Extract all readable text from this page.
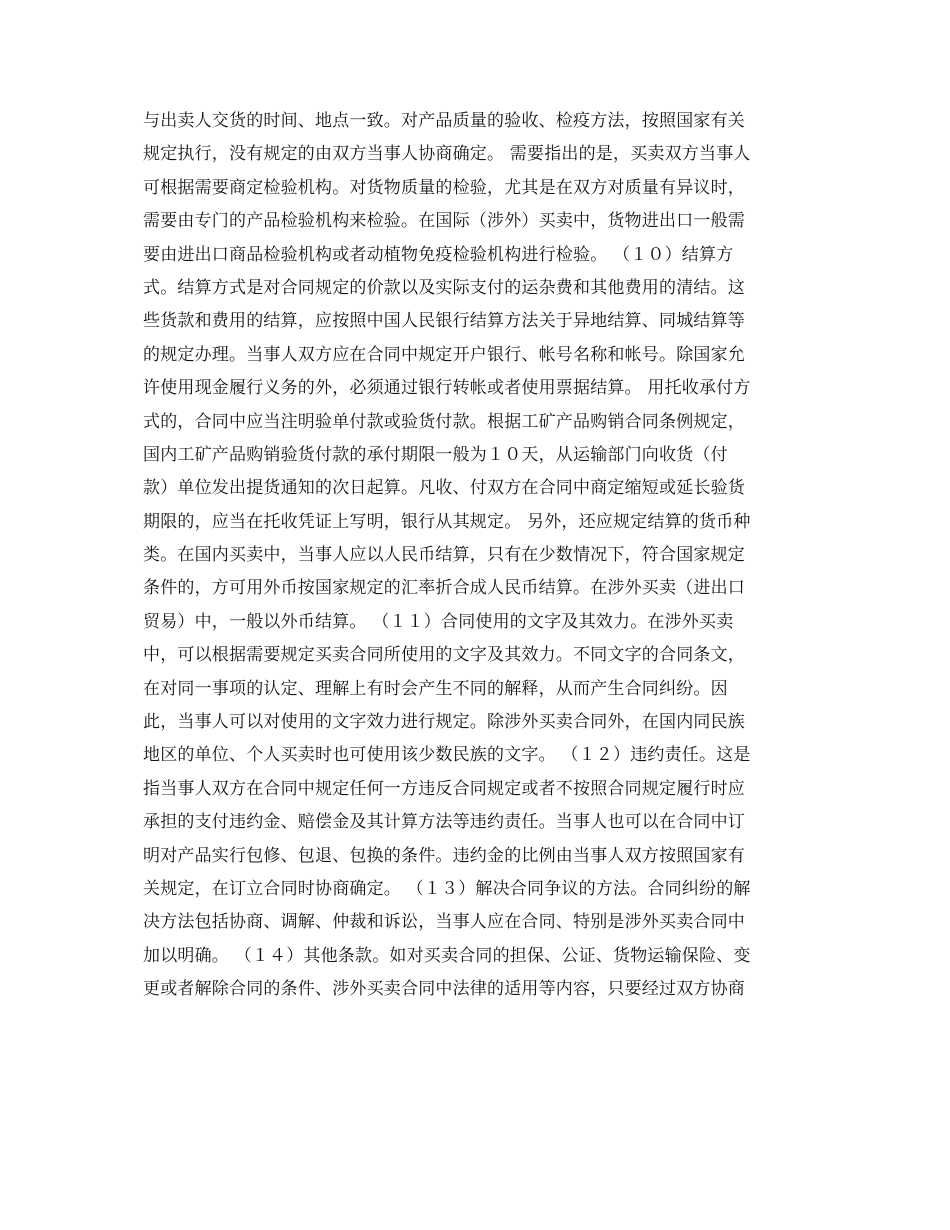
与出卖人交货的时间、地点一致。对产品质量的验收、检疫方法，按照国家有关
规定执行，没有规定的由双方当事人协商确定。 需要指出的是，买卖双方当事人
可根据需要商定检验机构。对货物质量的检验，尤其是在双方对质量有异议时，
需要由专门的产品检验机构来检验。在国际（涉外）买卖中，货物进出口一般需
要由进出口商品检验机构或者动植物免疫检验机构进行检验。 （１０）结算方
式。结算方式是对合同规定的价款以及实际支付的运杂费和其他费用的清结。这
些货款和费用的结算，应按照中国人民银行结算方法关于异地结算、同城结算等
的规定办理。当事人双方应在合同中规定开户银行、帐号名称和帐号。除国家允
许使用现金履行义务的外，必须通过银行转帐或者使用票据结算。 用托收承付方
式的，合同中应当注明验单付款或验货付款。根据工矿产品购销合同条例规定，
国内工矿产品购销验货付款的承付期限一般为１０天，从运输部门向收货（付
款）单位发出提货通知的次日起算。凡收、付双方在合同中商定缩短或延长验货
期限的，应当在托收凭证上写明，银行从其规定。 另外，还应规定结算的货币种
类。在国内买卖中，当事人应以人民币结算，只有在少数情况下，符合国家规定
条件的，方可用外币按国家规定的汇率折合成人民币结算。在涉外买卖（进出口
贸易）中，一般以外币结算。 （１１）合同使用的文字及其效力。在涉外买卖
中，可以根据需要规定买卖合同所使用的文字及其效力。不同文字的合同条文，
在对同一事项的认定、理解上有时会产生不同的解释，从而产生合同纠纷。因
此，当事人可以对使用的文字效力进行规定。除涉外买卖合同外，在国内同民族
地区的单位、个人买卖时也可使用该少数民族的文字。 （１２）违约责任。这是
指当事人双方在合同中规定任何一方违反合同规定或者不按照合同规定履行时应
承担的支付违约金、赔偿金及其计算方法等违约责任。当事人也可以在合同中订
明对产品实行包修、包退、包换的条件。违约金的比例由当事人双方按照国家有
关规定，在订立合同时协商确定。 （１３）解决合同争议的方法。合同纠纷的解
决方法包括协商、调解、仲裁和诉讼，当事人应在合同、特别是涉外买卖合同中
加以明确。 （１４）其他条款。如对买卖合同的担保、公证、货物运输保险、变
更或者解除合同的条件、涉外买卖合同中法律的适用等内容，只要经过双方协商
